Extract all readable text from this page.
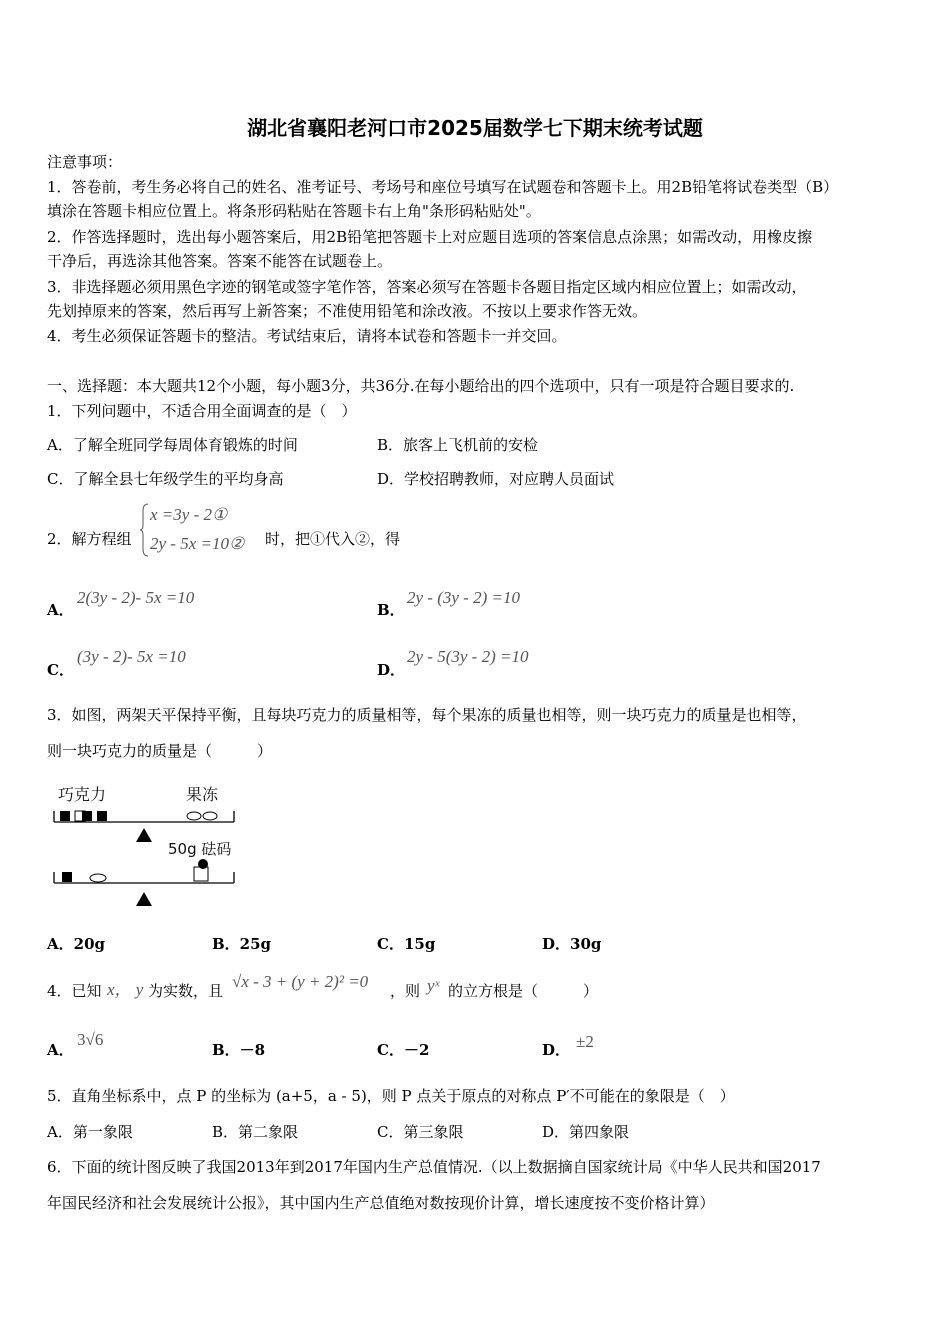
湖北省襄阳老河口市2025届数学七下期末统考试题
注意事项：
1．答卷前，考生务必将自己的姓名、准考证号、考场号和座位号填写在试题卷和答题卡上。用2B铅笔将试卷类型（B）
填涂在答题卡相应位置上。将条形码粘贴在答题卡右上角"条形码粘贴处"。
2．作答选择题时，选出每小题答案后，用2B铅笔把答题卡上对应题目选项的答案信息点涂黑；如需改动，用橡皮擦
干净后，再选涂其他答案。答案不能答在试题卷上。
3．非选择题必须用黑色字迹的钢笔或签字笔作答，答案必须写在答题卡各题目指定区域内相应位置上；如需改动，
先划掉原来的答案，然后再写上新答案；不准使用铅笔和涂改液。不按以上要求作答无效。
4．考生必须保证答题卡的整洁。考试结束后，请将本试卷和答题卡一并交回。
一、选择题：本大题共12个小题，每小题3分，共36分.在每小题给出的四个选项中，只有一项是符合题目要求的.
1．下列问题中，不适合用全面调查的是（　）
A．了解全班同学每周体育锻炼的时间	B．旅客上飞机前的安检
C．了解全县七年级学生的平均身高	D．学校招聘教师，对应聘人员面试
2．解方程组
x =3y - 2①
2y - 5x =10② 时，把①代入②，得
A．
2(3y - 2)- 5x =10
B．
2y - (3y - 2) =10
C．
(3y - 2)- 5x =10
D．
2y - 5(3y - 2) =10
3．如图，两架天平保持平衡，且每块巧克力的质量相等，每个果冻的质量也相等，则一块巧克力的质量是也相等，
则一块巧克力的质量是（　　　）
巧克力	果冻
50g 砝码
A．20g	B．25g	C．15g	D．30g
4．已知 x， y 为实数，且 √x - 3 + (y + 2)² =0 ，则 yˣ 的立方根是（　　　）
A．
3√6
B．－8	C．－2	D． ±2
5．直角坐标系中，点 P 的坐标为 (a+5，a - 5)，则 P 点关于原点的对称点 P′不可能在的象限是（　）
A．第一象限	B．第二象限	C．第三象限	D．第四象限
6．下面的统计图反映了我国2013年到2017年国内生产总值情况.（以上数据摘自国家统计局《中华人民共和国2017
年国民经济和社会发展统计公报》，其中国内生产总值绝对数按现价计算，增长速度按不变价格计算）
